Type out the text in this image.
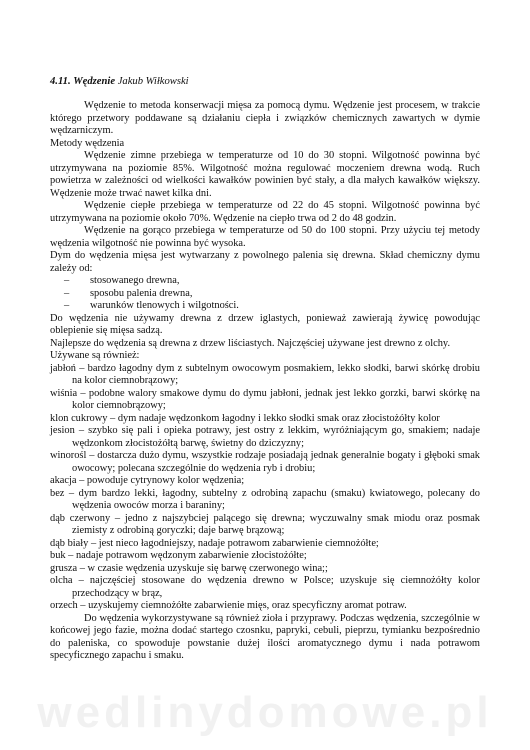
4.11. Wędzenie Jakub Wiłkowski

Wędzenie to metoda konserwacji mięsa za pomocą dymu. Wędzenie jest procesem, w trakcie którego przetwory poddawane są działaniu ciepła i związków chemicznych zawartych w dymie wędzarniczym.

Metody wędzenia

Wędzenie zimne przebiega w temperaturze od 10 do 30 stopni. Wilgotność powinna być utrzymywana na poziomie 85%. Wilgotność można regulować moczeniem drewna wodą. Ruch powietrza w zależności od wielkości kawałków powinien być stały, a dla małych kawałków większy. Wędzenie może trwać nawet kilka dni.

Wędzenie ciepłe przebiega w temperaturze od 22 do 45 stopni. Wilgotność powinna być utrzymywana na poziomie około 70%. Wędzenie na ciepło trwa od 2 do 48 godzin.

Wędzenie na gorąco przebiega w temperaturze od 50 do 100 stopni. Przy użyciu tej metody wędzenia wilgotność nie powinna być wysoka.

Dym do wędzenia mięsa jest wytwarzany z powolnego palenia się drewna. Skład chemiczny dymu zależy od:

– stosowanego drewna,
– sposobu palenia drewna,
– warunków tlenowych i wilgotności.

Do wędzenia nie używamy drewna z drzew iglastych, ponieważ zawierają żywicę powodując oblepienie się mięsa sadzą.

Najlepsze do wędzenia są drewna z drzew liściastych. Najczęściej używane jest drewno z olchy.

Używane są również:

jabłoń – bardzo łagodny dym z subtelnym owocowym posmakiem, lekko słodki, barwi skórkę drobiu na kolor ciemnobrązowy;

wiśnia – podobne walory smakowe dymu do dymu jabłoni, jednak jest lekko gorzki, barwi skórkę na kolor ciemnobrązowy;

klon cukrowy – dym nadaje wędzonkom łagodny i lekko słodki smak oraz złocistożółty kolor

jesion – szybko się pali i opieka potrawy, jest ostry z lekkim, wyróżniającym go, smakiem; nadaje wędzonkom złocistożółtą barwę, świetny do dziczyzny;

winorośl – dostarcza dużo dymu, wszystkie rodzaje posiadają jednak generalnie bogaty i głęboki smak owocowy; polecana szczególnie do wędzenia ryb i drobiu;

akacja – powoduje cytrynowy kolor wędzenia;

bez – dym bardzo lekki, łagodny, subtelny z odrobiną zapachu (smaku) kwiatowego, polecany do wędzenia owoców morza i baraniny;

dąb czerwony – jedno z najszybciej palącego się drewna; wyczuwalny smak miodu oraz posmak ziemisty z odrobiną goryczki; daje barwę brązową;

dąb biały – jest nieco łagodniejszy, nadaje potrawom zabarwienie ciemnożółte;

buk – nadaje potrawom wędzonym zabarwienie złocistożółte;

grusza – w czasie wędzenia uzyskuje się barwę czerwonego wina;;

olcha – najczęściej stosowane do wędzenia drewno w Polsce; uzyskuje się ciemnożółty kolor przechodzący w brąz,

orzech – uzyskujemy ciemnożółte zabarwienie mięs, oraz specyficzny aromat potraw.

Do wędzenia wykorzystywane są również zioła i przyprawy. Podczas wędzenia, szczególnie w końcowej jego fazie, można dodać startego czosnku, papryki, cebuli, pieprzu, tymianku bezpośrednio do paleniska, co spowoduje powstanie dużej ilości aromatycznego dymu i nada potrawom specyficznego zapachu i smaku.

wedlinydomowe.pl
